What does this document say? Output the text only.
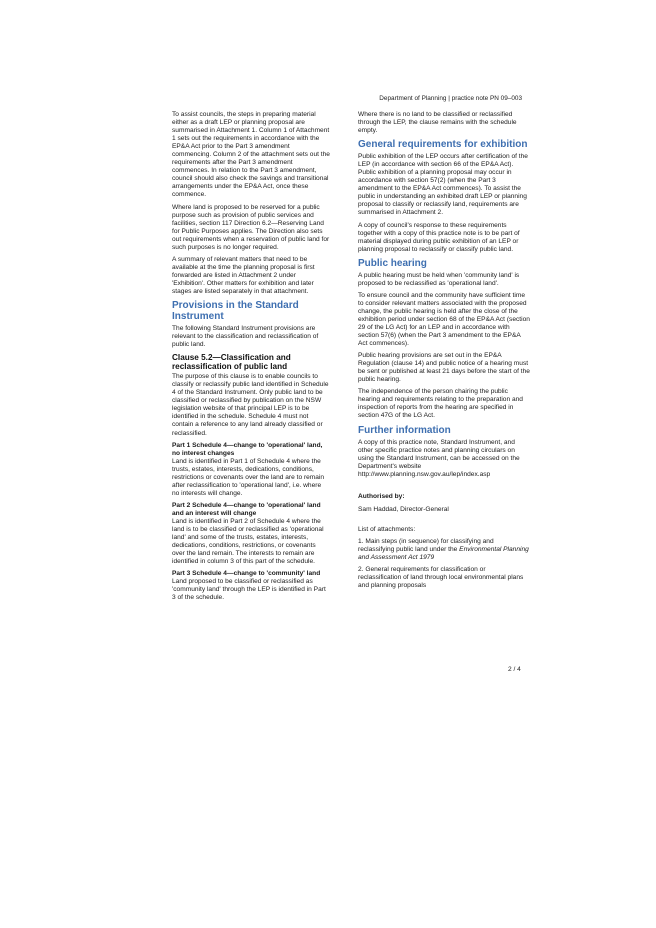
Department of Planning | practice note PN 09–003

To assist councils, the steps in preparing material either as a draft LEP or planning proposal are summarised in Attachment 1. Column 1 of Attachment 1 sets out the requirements in accordance with the EP&A Act prior to the Part 3 amendment commencing. Column 2 of the attachment sets out the requirements after the Part 3 amendment commences. In relation to the Part 3 amendment, council should also check the savings and transitional arrangements under the EP&A Act, once these commence.

Where land is proposed to be reserved for a public purpose such as provision of public services and facilities, section 117 Direction 6.2—Reserving Land for Public Purposes applies. The Direction also sets out requirements when a reservation of public land for such purposes is no longer required.

A summary of relevant matters that need to be available at the time the planning proposal is first forwarded are listed in Attachment 2 under 'Exhibition'. Other matters for exhibition and later stages are listed separately in that attachment.

Provisions in the Standard Instrument

The following Standard Instrument provisions are relevant to the classification and reclassification of public land.

Clause 5.2—Classification and reclassification of public land

The purpose of this clause is to enable councils to classify or reclassify public land identified in Schedule 4 of the Standard Instrument. Only public land to be classified or reclassified by publication on the NSW legislation website of that principal LEP is to be identified in the schedule. Schedule 4 must not contain a reference to any land already classified or reclassified.

Part 1 Schedule 4—change to 'operational' land, no interest changes

Land is identified in Part 1 of Schedule 4 where the trusts, estates, interests, dedications, conditions, restrictions or covenants over the land are to remain after reclassification to 'operational land', i.e. where no interests will change.

Part 2 Schedule 4—change to 'operational' land and an interest will change

Land is identified in Part 2 of Schedule 4 where the land is to be classified or reclassified as 'operational land' and some of the trusts, estates, interests, dedications, conditions, restrictions, or covenants over the land remain. The interests to remain are identified in column 3 of this part of the schedule.

Part 3 Schedule 4—change to 'community' land

Land proposed to be classified or reclassified as 'community land' through the LEP is identified in Part 3 of the schedule.

Where there is no land to be classified or reclassified through the LEP, the clause remains with the schedule empty.

General requirements for exhibition

Public exhibition of the LEP occurs after certification of the LEP (in accordance with section 66 of the EP&A Act). Public exhibition of a planning proposal may occur in accordance with section 57(2) (when the Part 3 amendment to the EP&A Act commences). To assist the public in understanding an exhibited draft LEP or planning proposal to classify or reclassify land, requirements are summarised in Attachment 2.

A copy of council's response to these requirements together with a copy of this practice note is to be part of material displayed during public exhibition of an LEP or planning proposal to reclassify or classify public land.

Public hearing

A public hearing must be held when 'community land' is proposed to be reclassified as 'operational land'.

To ensure council and the community have sufficient time to consider relevant matters associated with the proposed change, the public hearing is held after the close of the exhibition period under section 68 of the EP&A Act (section 29 of the LG Act) for an LEP and in accordance with section 57(6) (when the Part 3 amendment to the EP&A Act commences).

Public hearing provisions are set out in the EP&A Regulation (clause 14) and public notice of a hearing must be sent or published at least 21 days before the start of the public hearing.

The independence of the person chairing the public hearing and requirements relating to the preparation and inspection of reports from the hearing are specified in section 47G of the LG Act.

Further information

A copy of this practice note, Standard Instrument, and other specific practice notes and planning circulars on using the Standard Instrument, can be accessed on the Department's website http://www.planning.nsw.gov.au/lep/index.asp

Authorised by:
Sam Haddad, Director-General
List of attachments:

1. Main steps (in sequence) for classifying and reclassifying public land under the Environmental Planning and Assessment Act 1979

2. General requirements for classification or reclassification of land through local environmental plans and planning proposals

2 / 4
